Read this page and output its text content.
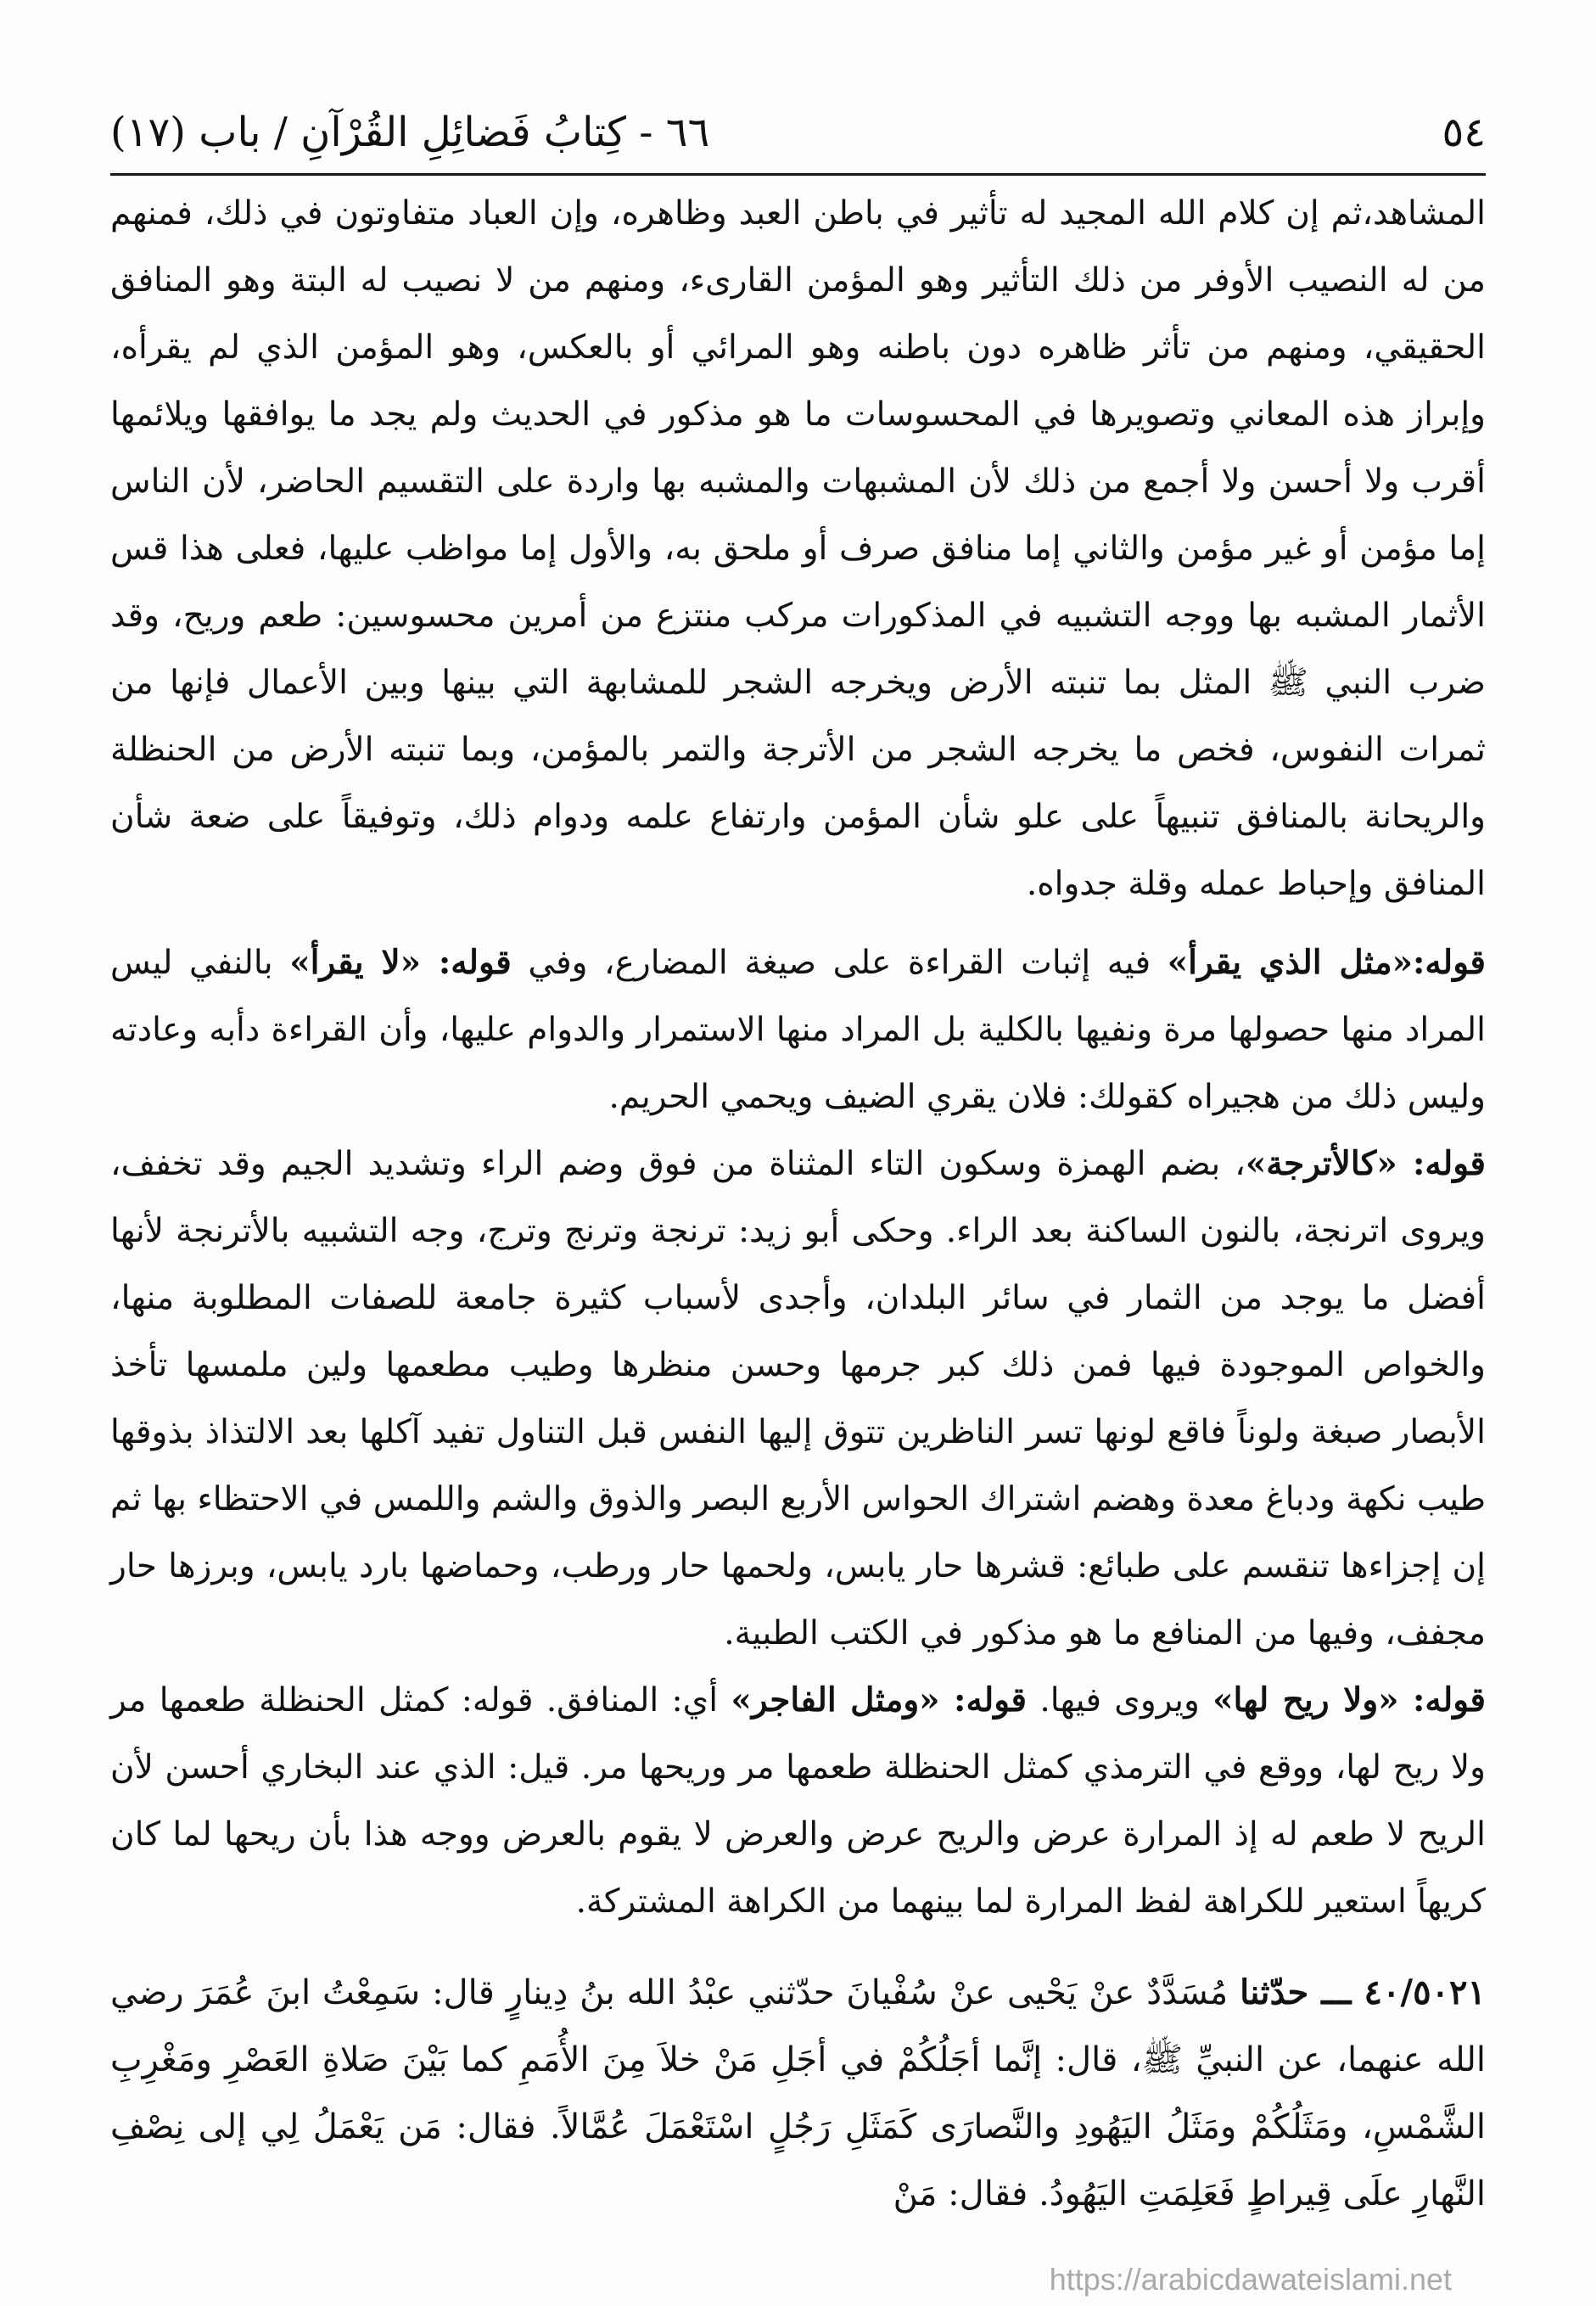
٦٦ - كِتابُ فَضائِلِ القُرْآنِ / باب (١٧)	٥٤

المشاهد،ثم إن كلام الله المجيد له تأثير في باطن العبد وظاهره، وإن العباد متفاوتون في ذلك، فمنهم من له النصيب الأوفر من ذلك التأثير وهو المؤمن القارىء، ومنهم من لا نصيب له البتة وهو المنافق الحقيقي، ومنهم من تأثر ظاهره دون باطنه وهو المرائي أو بالعكس، وهو المؤمن الذي لم يقرأه، وإبراز هذه المعاني وتصويرها في المحسوسات ما هو مذكور في الحديث ولم يجد ما يوافقها ويلائمها أقرب ولا أحسن ولا أجمع من ذلك لأن المشبهات والمشبه بها واردة على التقسيم الحاضر، لأن الناس إما مؤمن أو غير مؤمن والثاني إما منافق صرف أو ملحق به، والأول إما مواظب عليها، فعلى هذا قس الأثمار المشبه بها ووجه التشبيه في المذكورات مركب منتزع من أمرين محسوسين: طعم وريح، وقد ضرب النبي ﷺ المثل بما تنبته الأرض ويخرجه الشجر للمشابهة التي بينها وبين الأعمال فإنها من ثمرات النفوس، فخص ما يخرجه الشجر من الأترجة والتمر بالمؤمن، وبما تنبته الأرض من الحنظلة والريحانة بالمنافق تنبيهاً على علو شأن المؤمن وارتفاع علمه ودوام ذلك، وتوفيقاً على ضعة شأن المنافق وإحباط عمله وقلة جدواه.

قوله:«مثل الذي يقرأ» فيه إثبات القراءة على صيغة المضارع، وفي قوله: «لا يقرأ» بالنفي ليس المراد منها حصولها مرة ونفيها بالكلية بل المراد منها الاستمرار والدوام عليها، وأن القراءة دأبه وعادته وليس ذلك من هجيراه كقولك: فلان يقري الضيف ويحمي الحريم.

قوله: «كالأترجة»، بضم الهمزة وسكون التاء المثناة من فوق وضم الراء وتشديد الجيم وقد تخفف، ويروى اترنجة، بالنون الساكنة بعد الراء. وحكى أبو زيد: ترنجة وترنج وترج، وجه التشبيه بالأترنجة لأنها أفضل ما يوجد من الثمار في سائر البلدان، وأجدى لأسباب كثيرة جامعة للصفات المطلوبة منها، والخواص الموجودة فيها فمن ذلك كبر جرمها وحسن منظرها وطيب مطعمها ولين ملمسها تأخذ الأبصار صبغة ولوناً فاقع لونها تسر الناظرين تتوق إليها النفس قبل التناول تفيد آكلها بعد الالتذاذ بذوقها طيب نكهة ودباغ معدة وهضم اشتراك الحواس الأربع البصر والذوق والشم واللمس في الاحتظاء بها ثم إن إجزاءها تنقسم على طبائع: قشرها حار يابس، ولحمها حار ورطب، وحماضها بارد يابس، وبرزها حار مجفف، وفيها من المنافع ما هو مذكور في الكتب الطبية.

قوله: «ولا ريح لها» ويروى فيها. قوله: «ومثل الفاجر» أي: المنافق. قوله: كمثل الحنظلة طعمها مر ولا ريح لها، ووقع في الترمذي كمثل الحنظلة طعمها مر وريحها مر. قيل: الذي عند البخاري أحسن لأن الريح لا طعم له إذ المرارة عرض والريح عرض والعرض لا يقوم بالعرض ووجه هذا بأن ريحها لما كان كريهاً استعير للكراهة لفظ المرارة لما بينهما من الكراهة المشتركة.

٤٠/٥٠٢١ ـــ حدّثنا مُسَدَّدٌ عنْ يَحْيى عنْ سُفْيانَ حدّثني عبْدُ الله بنُ دِينارٍ قال: سَمِعْتُ ابنَ عُمَرَ رضي الله عنهما، عن النبيِّ ﷺ، قال: إنَّما أجَلُكُمْ في أجَلِ مَنْ خلاَ مِنَ الأُمَمِ كما بَيْنَ صَلاةِ العَصْرِ ومَغْرِبِ الشَّمْسِ، ومَثَلُكُمْ ومَثَلُ اليَهُودِ والنَّصارَى كَمَثَلِ رَجُلٍ اسْتَعْمَلَ عُمَّالاً. فقال: مَن يَعْمَلُ لِي إلى نِصْفِ النَّهارِ علَى قِيراطٍ فَعَلِمَتِ اليَهُودُ. فقال: مَنْ

https://arabicdawateislami.net
